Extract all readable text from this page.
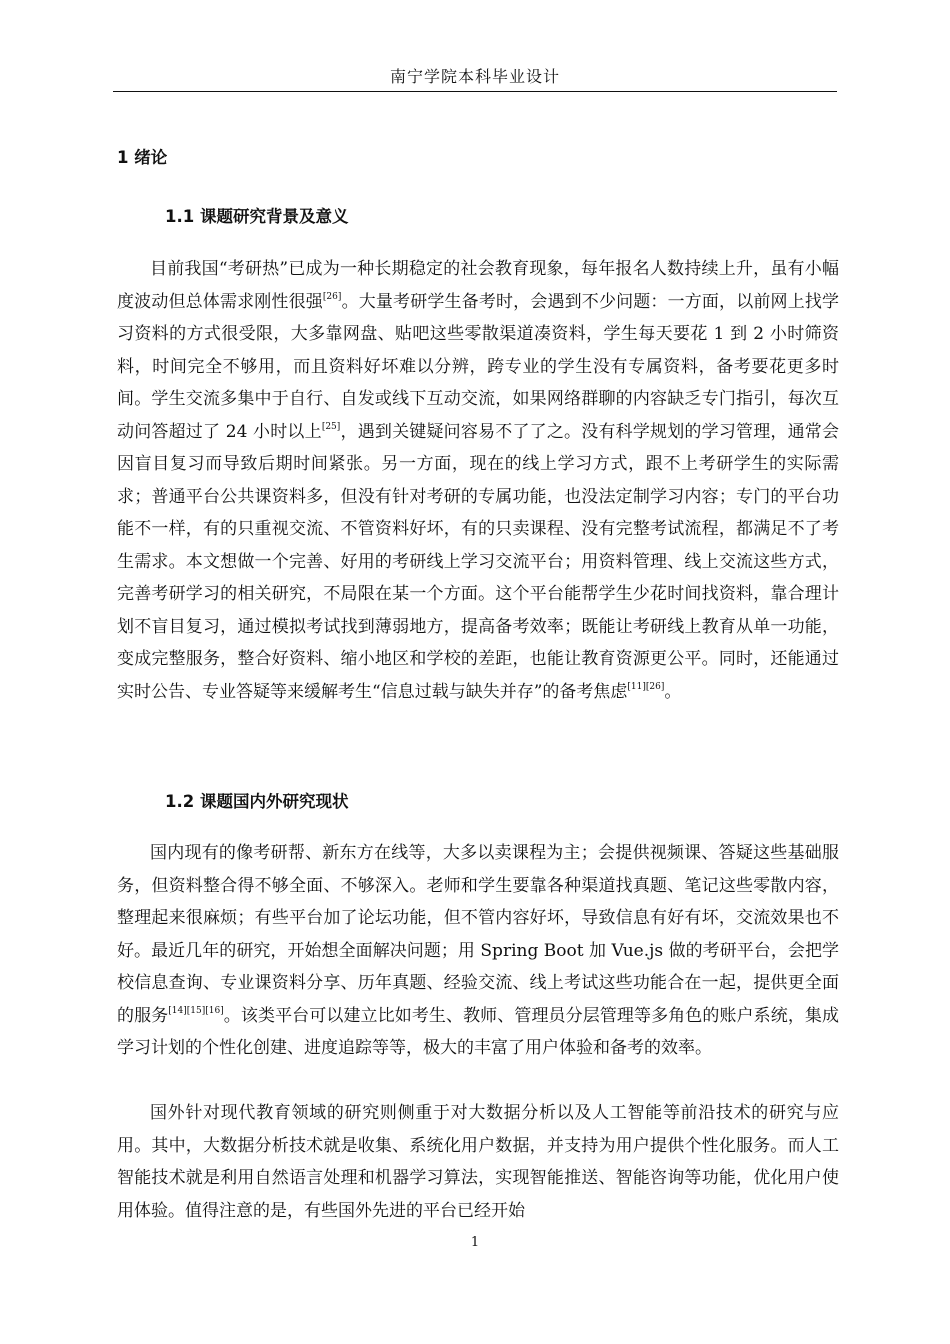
南宁学院本科毕业设计
1 绪论
1.1 课题研究背景及意义

目前我国“考研热”已成为一种长期稳定的社会教育现象，每年报名人数持续上升，虽有小幅度波动但总体需求刚性很强[26]。大量考研学生备考时，会遇到不少问题：一方面，以前网上找学习资料的方式很受限，大多靠网盘、贴吧这些零散渠道凑资料，学生每天要花 1 到 2 小时筛资料，时间完全不够用，而且资料好坏难以分辨，跨专业的学生没有专属资料，备考要花更多时间。学生交流多集中于自行、自发或线下互动交流，如果网络群聊的内容缺乏专门指引，每次互动问答超过了 24 小时以上[25]，遇到关键疑问容易不了了之。没有科学规划的学习管理，通常会因盲目复习而导致后期时间紧张。另一方面，现在的线上学习方式，跟不上考研学生的实际需求；普通平台公共课资料多，但没有针对考研的专属功能，也没法定制学习内容；专门的平台功能不一样，有的只重视交流、不管资料好坏，有的只卖课程、没有完整考试流程，都满足不了考生需求。本文想做一个完善、好用的考研线上学习交流平台；用资料管理、线上交流这些方式，完善考研学习的相关研究，不局限在某一个方面。这个平台能帮学生少花时间找资料，靠合理计划不盲目复习，通过模拟考试找到薄弱地方，提高备考效率；既能让考研线上教育从单一功能，变成完整服务，整合好资料、缩小地区和学校的差距，也能让教育资源更公平。同时，还能通过实时公告、专业答疑等来缓解考生“信息过载与缺失并存”的备考焦虑[11][26]。

1.2 课题国内外研究现状

国内现有的像考研帮、新东方在线等，大多以卖课程为主；会提供视频课、答疑这些基础服务，但资料整合得不够全面、不够深入。老师和学生要靠各种渠道找真题、笔记这些零散内容，整理起来很麻烦；有些平台加了论坛功能，但不管内容好坏，导致信息有好有坏，交流效果也不好。最近几年的研究，开始想全面解决问题；用 Spring Boot 加 Vue.js 做的考研平台，会把学校信息查询、专业课资料分享、历年真题、经验交流、线上考试这些功能合在一起，提供更全面的服务[14][15][16]。该类平台可以建立比如考生、教师、管理员分层管理等多角色的账户系统，集成学习计划的个性化创建、进度追踪等等，极大的丰富了用户体验和备考的效率。

国外针对现代教育领域的研究则侧重于对大数据分析以及人工智能等前沿技术的研究与应用。其中，大数据分析技术就是收集、系统化用户数据，并支持为用户提供个性化服务。而人工智能技术就是利用自然语言处理和机器学习算法，实现智能推送、智能咨询等功能，优化用户使用体验。值得注意的是，有些国外先进的平台已经开始

1
